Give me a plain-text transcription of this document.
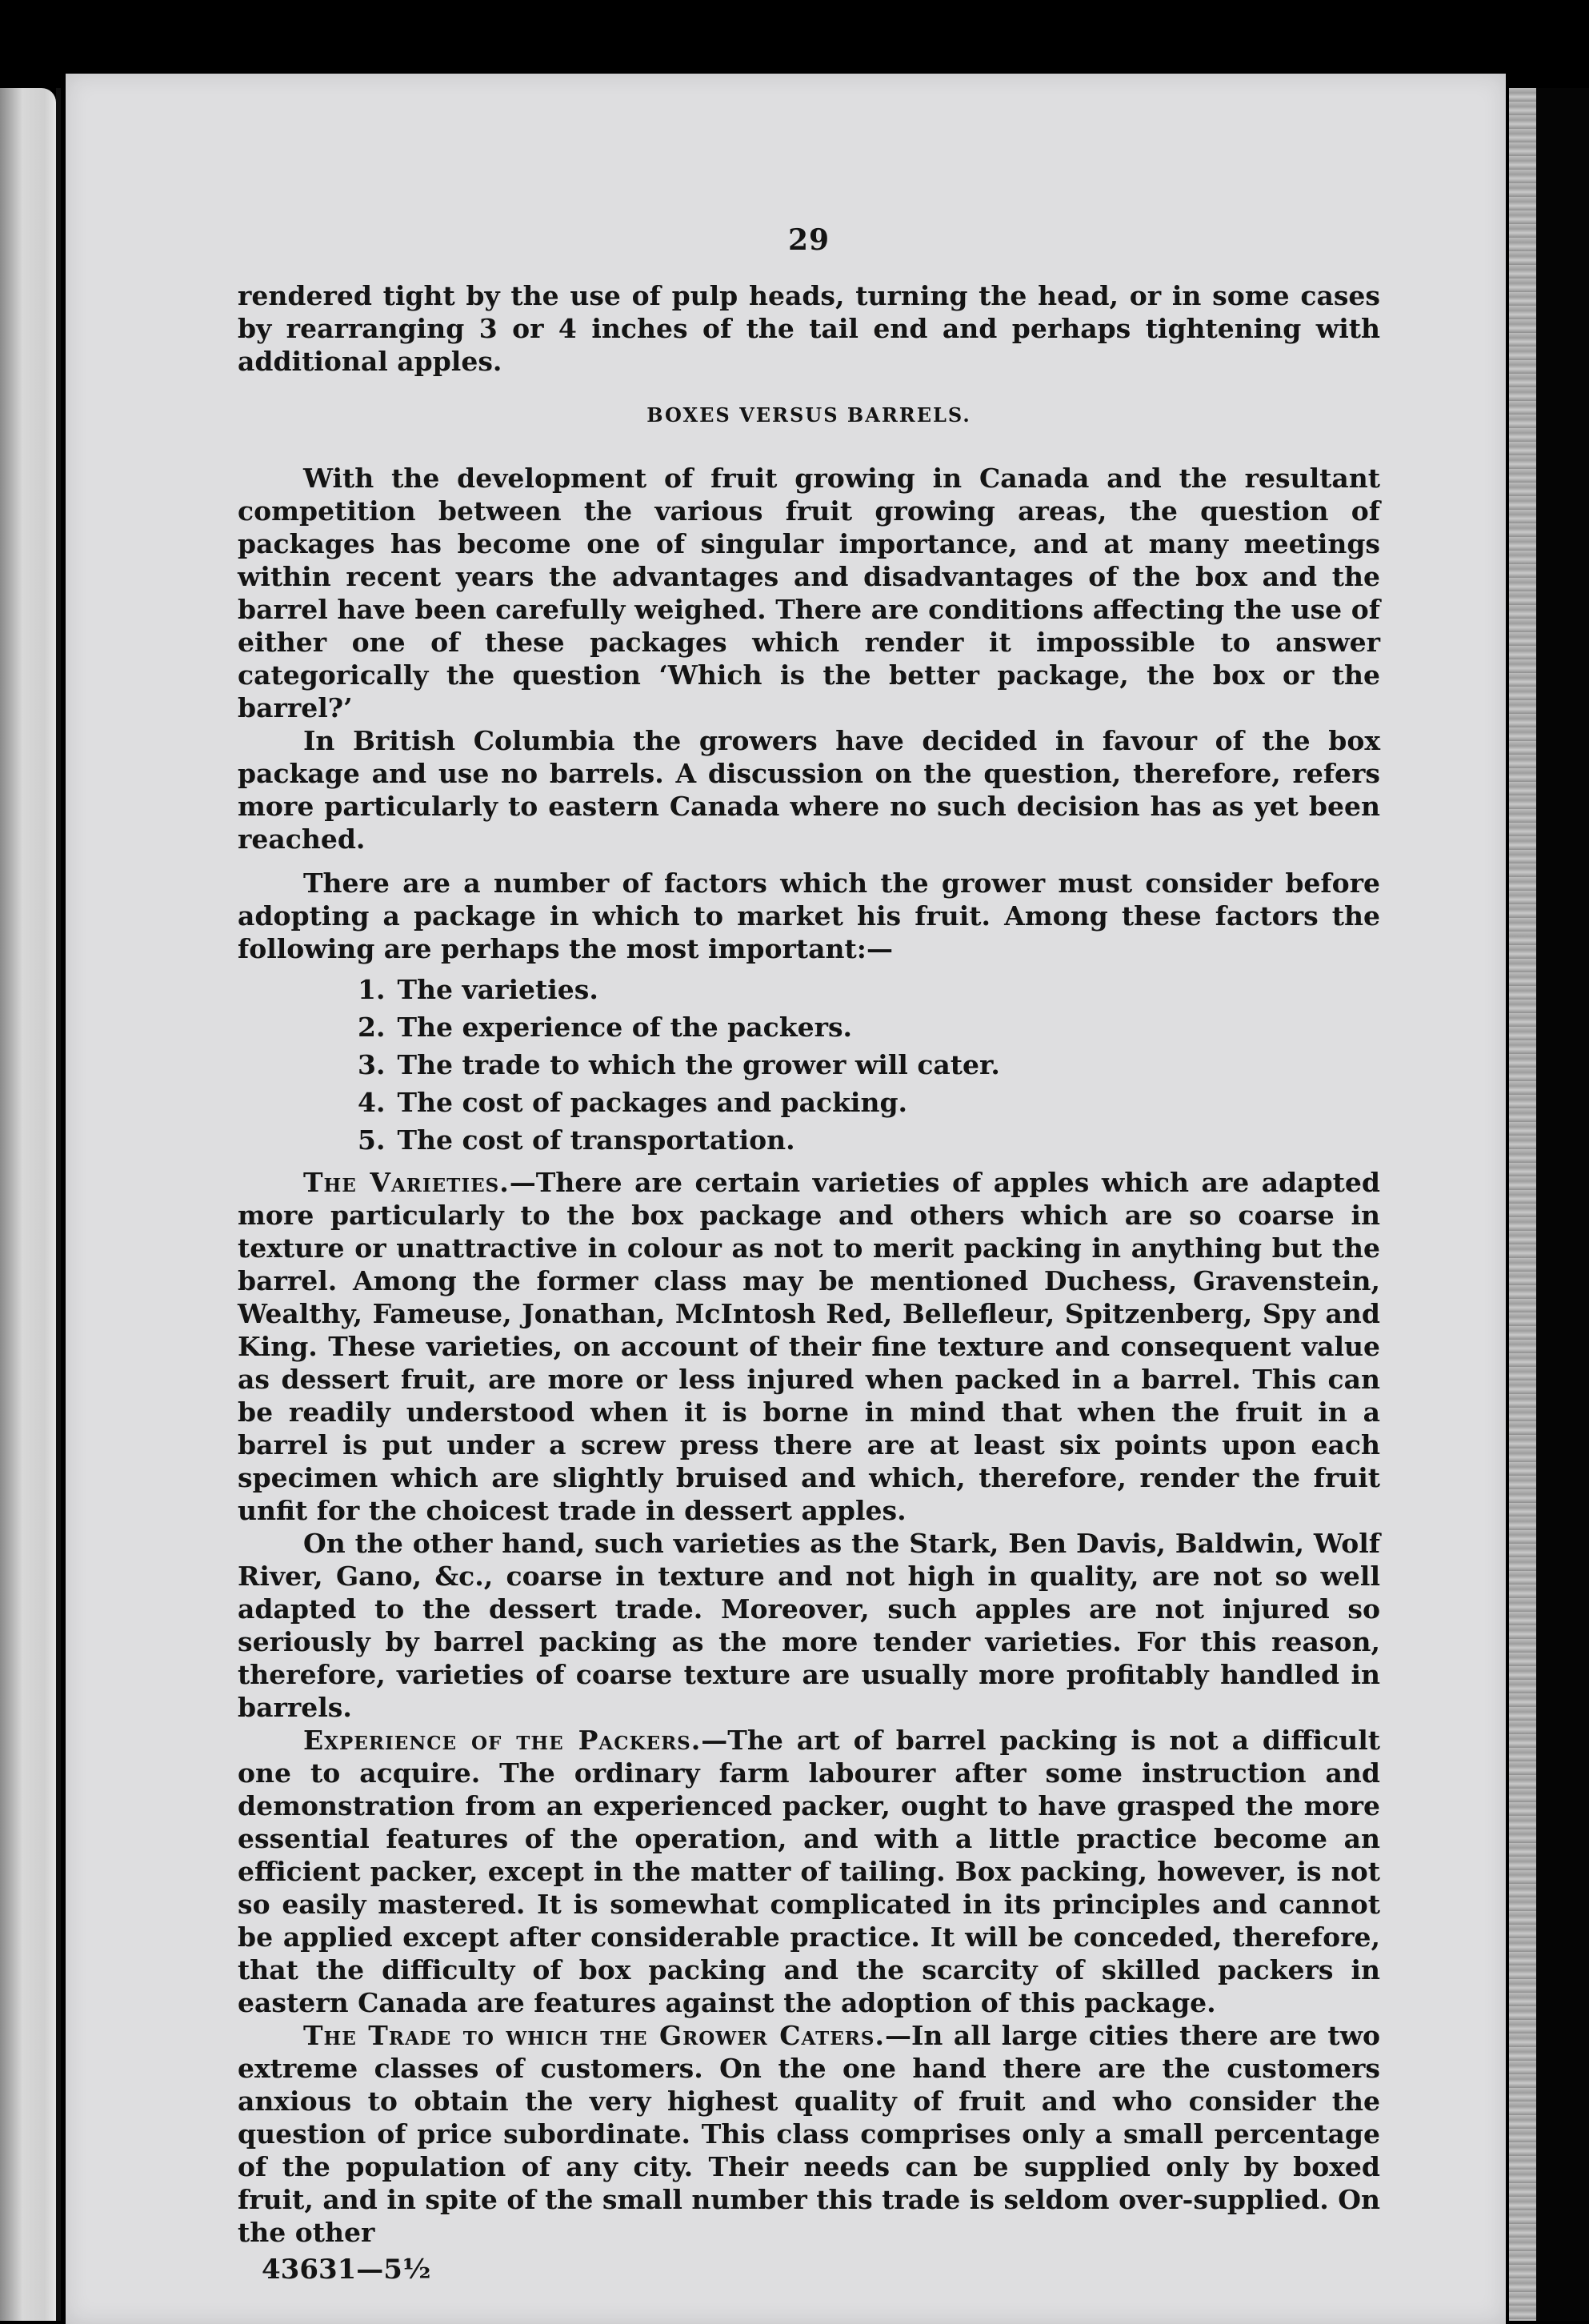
29

rendered tight by the use of pulp heads, turning the head, or in some cases by rearranging 3 or 4 inches of the tail end and perhaps tightening with additional apples.

BOXES VERSUS BARRELS.

With the development of fruit growing in Canada and the resultant competition between the various fruit growing areas, the question of packages has become one of singular importance, and at many meetings within recent years the advantages and disadvantages of the box and the barrel have been carefully weighed. There are conditions affecting the use of either one of these packages which render it impossible to answer categorically the question ‘Which is the better package, the box or the barrel?’

In British Columbia the growers have decided in favour of the box package and use no barrels. A discussion on the question, therefore, refers more particularly to eastern Canada where no such decision has as yet been reached.

There are a number of factors which the grower must consider before adopting a package in which to market his fruit. Among these factors the following are perhaps the most important:—

1. The varieties.
2. The experience of the packers.
3. The trade to which the grower will cater.
4. The cost of packages and packing.
5. The cost of transportation.

The Varieties.—There are certain varieties of apples which are adapted more particularly to the box package and others which are so coarse in texture or unattractive in colour as not to merit packing in anything but the barrel. Among the former class may be mentioned Duchess, Gravenstein, Wealthy, Fameuse, Jonathan, McIntosh Red, Bellefleur, Spitzenberg, Spy and King. These varieties, on account of their fine texture and consequent value as dessert fruit, are more or less injured when packed in a barrel. This can be readily understood when it is borne in mind that when the fruit in a barrel is put under a screw press there are at least six points upon each specimen which are slightly bruised and which, therefore, render the fruit unfit for the choicest trade in dessert apples.

On the other hand, such varieties as the Stark, Ben Davis, Baldwin, Wolf River, Gano, &c., coarse in texture and not high in quality, are not so well adapted to the dessert trade. Moreover, such apples are not injured so seriously by barrel packing as the more tender varieties. For this reason, therefore, varieties of coarse texture are usually more profitably handled in barrels.

Experience of the Packers.—The art of barrel packing is not a difficult one to acquire. The ordinary farm labourer after some instruction and demonstration from an experienced packer, ought to have grasped the more essential features of the operation, and with a little practice become an efficient packer, except in the matter of tailing. Box packing, however, is not so easily mastered. It is somewhat complicated in its principles and cannot be applied except after considerable practice. It will be conceded, therefore, that the difficulty of box packing and the scarcity of skilled packers in eastern Canada are features against the adoption of this package.

The Trade to which the Grower Caters.—In all large cities there are two extreme classes of customers. On the one hand there are the customers anxious to obtain the very highest quality of fruit and who consider the question of price subordinate. This class comprises only a small percentage of the population of any city. Their needs can be supplied only by boxed fruit, and in spite of the small number this trade is seldom over-supplied. On the other

43631—5½
